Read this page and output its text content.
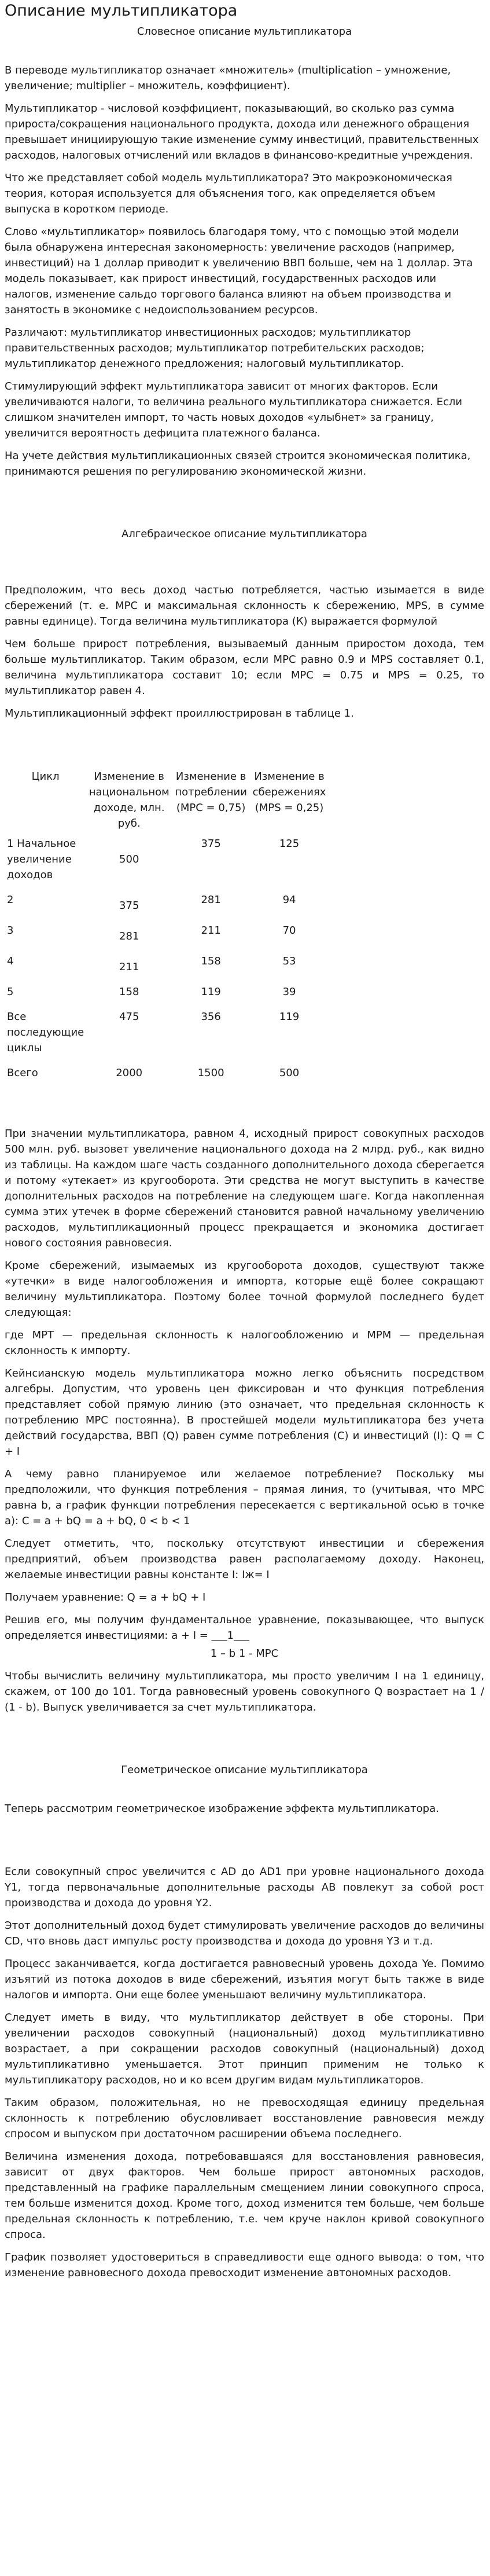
Описание мультипликатора
Словесное описание мультипликатора

В переводе мультипликатор означает «множитель» (multiplication – умножение, увеличение; multiplier – множитель, коэффициент).

Мультипликатор - числовой коэффициент, показывающий, во сколько раз сумма прироста/сокращения национального продукта, дохода или денежного обращения превышает инициирующую такие изменение сумму инвестиций, правительственных расходов, налоговых отчислений или вкладов в финансово-кредитные учреждения.

Что же представляет собой модель мультипликатора? Это макроэкономическая теория, которая используется для объяснения того, как определяется объем выпуска в коротком периоде.

Слово «мультипликатор» появилось благодаря тому, что с помощью этой модели была обнаружена интересная закономерность: увеличение расходов (например, инвестиций) на 1 доллар приводит к увеличению ВВП больше, чем на 1 доллар. Эта модель показывает, как прирост инвестиций, государственных расходов или налогов, изменение сальдо торгового баланса влияют на объем производства и занятость в экономике с недоиспользованием ресурсов.

Различают: мультипликатор инвестиционных расходов; мультипликатор правительственных расходов; мультипликатор потребительских расходов; мультипликатор денежного предложения; налоговый мультипликатор.

Стимулирующий эффект мультипликатора зависит от многих факторов. Если увеличиваются налоги, то величина реального мультипликатора снижается. Если слишком значителен импорт, то часть новых доходов «улыбнет» за границу, увеличится вероятность дефицита платежного баланса.

На учете действия мультипликационных связей строится экономическая политика, принимаются решения по регулированию экономической жизни.

Алгебраическое описание мультипликатора

Предположим, что весь доход частью потребляется, частью изымается в виде сбережений (т. е. MPC и максимальная склонность к сбережению, MPS, в сумме равны единице). Тогда величина мультипликатора (К) выражается формулой

Чем больше прирост потребления, вызываемый данным приростом дохода, тем больше мультипликатор. Таким образом, если MPC равно 0.9 и MPS составляет 0.1, величина мультипликатора составит 10; если MPC = 0.75 и MPS = 0.25, то мультипликатор равен 4.

Мультипликационный эффект проиллюстрирован в таблице 1.

Цикл	Изменение в национальном доходе, млн. руб.	Изменение в потреблении (MPC = 0,75)	Изменение в сбережениях (MPS = 0,25)
1 Начальное увеличение доходов	500	375	125
2	375	281	94
3	281	211	70
4	211	158	53
5	158	119	39
Все последующие циклы	475	356	119
Всего	2000	1500	500

При значении мультипликатора, равном 4, исходный прирост совокупных расходов 500 млн. руб. вызовет увеличение национального дохода на 2 млрд. руб., как видно из таблицы. На каждом шаге часть созданного дополнительного дохода сберегается и потому «утекает» из кругооборота. Эти средства не могут выступить в качестве дополнительных расходов на потребление на следующем шаге. Когда накопленная сумма этих утечек в форме сбережений становится равной начальному увеличению расходов, мультипликационный процесс прекращается и экономика достигает нового состояния равновесия.

Кроме сбережений, изымаемых из кругооборота доходов, существуют также «утечки» в виде налогообложения и импорта, которые ещё более сокращают величину мультипликатора. Поэтому более точной формулой последнего будет следующая:

где MPT — предельная склонность к налогообложению и MPM — предельная склонность к импорту.

Кейнсианскую модель мультипликатора можно легко объяснить посредством алгебры. Допустим, что уровень цен фиксирован и что функция потребления представляет собой прямую линию (это означает, что предельная склонность к потреблению MPC постоянна). В простейшей модели мультипликатора без учета действий государства, ВВП (Q) равен сумме потребления (С) и инвестиций (I): Q = C + I

А чему равно планируемое или желаемое потребление? Поскольку мы предположили, что функция потребления – прямая линия, то (учитывая, что MPC равна b, а график функции потребления пересекается с вертикальной осью в точке a): C = a + bQ = a + bQ, 0 < b < 1

Следует отметить, что, поскольку отсутствуют инвестиции и сбережения предприятий, объем производства равен располагаемому доходу. Наконец, желаемые инвестиции равны константе I: Iж= I

Получаем уравнение: Q = a + bQ + I

Решив его, мы получим фундаментальное уравнение, показывающее, что выпуск определяется инвестициями: a + I = ___1___

1 – b 1 - MPC

Чтобы вычислить величину мультипликатора, мы просто увеличим I на 1 единицу, скажем, от 100 до 101. Тогда равновесный уровень совокупного Q возрастает на 1 / (1 - b). Выпуск увеличивается за счет мультипликатора.

Геометрическое описание мультипликатора

Теперь рассмотрим геометрическое изображение эффекта мультипликатора.

Если совокупный спрос увеличится с AD до AD1 при уровне национального дохода Y1, тогда первоначальные дополнительные расходы AB повлекут за собой рост производства и дохода до уровня Y2.

Этот дополнительный доход будет стимулировать увеличение расходов до величины CD, что вновь даст импульс росту производства и дохода до уровня Y3 и т.д.

Процесс заканчивается, когда достигается равновесный уровень дохода Ye. Помимо изъятий из потока доходов в виде сбережений, изъятия могут быть также в виде налогов и импорта. Они еще более уменьшают величину мультипликатора.

Следует иметь в виду, что мультипликатор действует в обе стороны. При увеличении расходов совокупный (национальный) доход мультипликативно возрастает, а при сокращении расходов совокупный (национальный) доход мультипликативно уменьшается. Этот принцип применим не только к мультипликатору расходов, но и ко всем другим видам мультипликаторов.

Таким образом, положительная, но не превосходящая единицу предельная склонность к потреблению обусловливает восстановление равновесия между спросом и выпуском при достаточном расширении объема последнего.

Величина изменения дохода, потребовавшаяся для восстановления равновесия, зависит от двух факторов. Чем больше прирост автономных расходов, представленный на графике параллельным смещением линии совокупного спроса, тем больше изменится доход. Кроме того, доход изменится тем больше, чем больше предельная склонность к потреблению, т.е. чем круче наклон кривой совокупного спроса.

График позволяет удостовериться в справедливости еще одного вывода: о том, что изменение равновесного дохода превосходит изменение автономных расходов.
